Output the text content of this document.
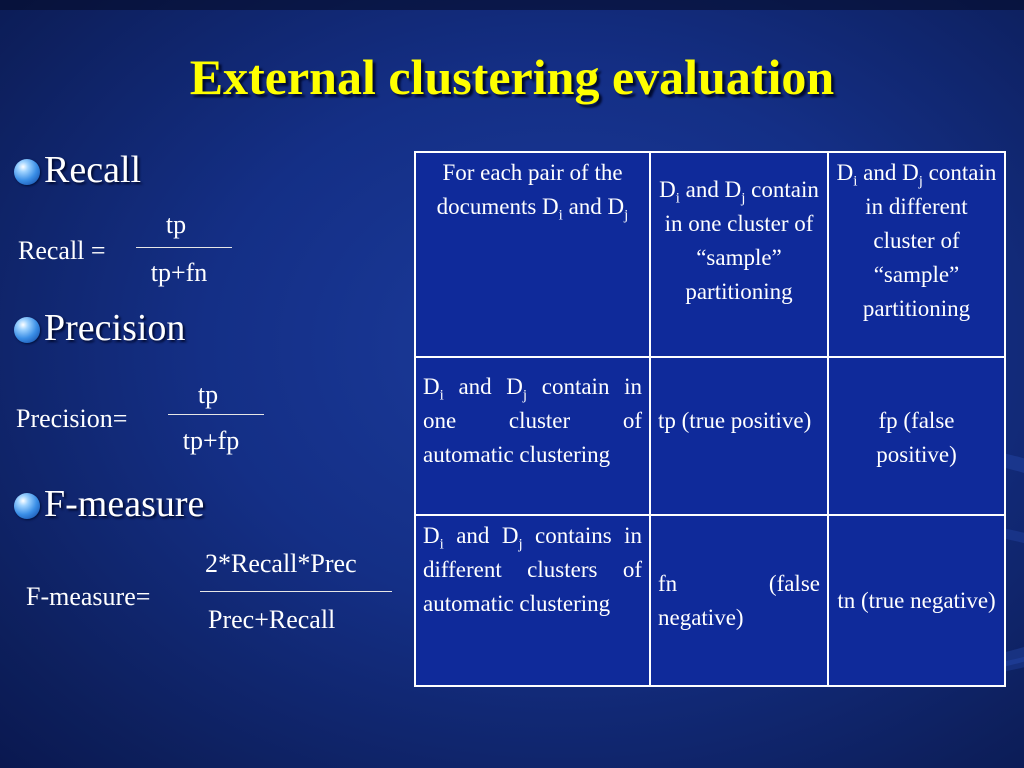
External clustering evaluation
Recall
Recall =
tp
tp+fn
Precision
Precision=
tp
tp+fp
F-measure
F-measure=
2*Recall*Prec
Prec+Recall
For each pair of the documents $D_i$ and $D_j$	$D_i$ and $D_j$ contain in one cluster of “sample” partitioning	$D_i$ and $D_j$ contain in different cluster of “sample” partitioning
$D_i$ and $D_j$ contain in one cluster of automatic clustering	tp (true positive)	fp (false positive)
$D_i$ and $D_j$ contains in different clusters of automatic clustering	fn (false negative)	tn (true negative)
